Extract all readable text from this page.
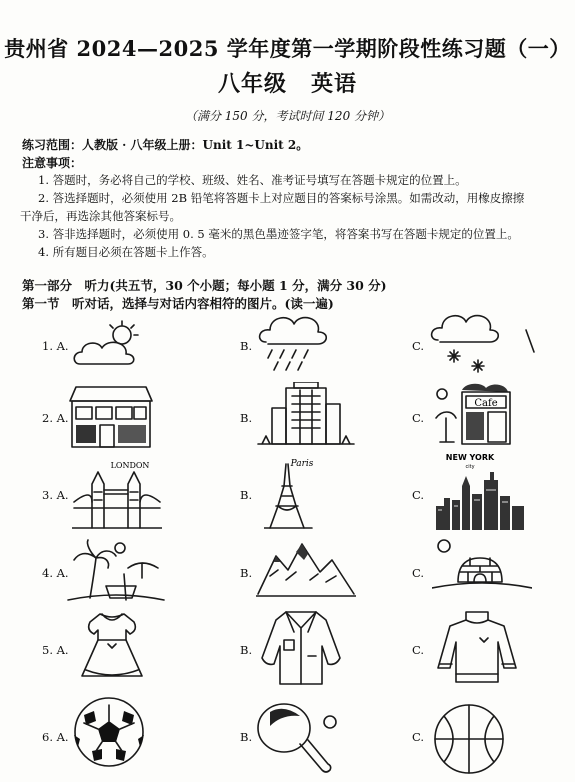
贵州省 2024—2025 学年度第一学期阶段性练习题（一）
八年级 英语
（满分 150 分，考试时间 120 分钟）
练习范围：人教版 · 八年级上册：Unit 1~Unit 2。
注意事项：
1. 答题时，务必将自己的学校、班级、姓名、准考证号填写在答题卡规定的位置上。
2. 答选择题时，必须使用 2B 铅笔将答题卡上对应题目的答案标号涂黑。如需改动，用橡皮擦擦
干净后，再选涂其他答案标号。
3. 答非选择题时，必须使用 0. 5 毫米的黑色墨迹签字笔，将答案书写在答题卡规定的位置上。
4. 所有题目必须在答题卡上作答。
第一部分　听力(共五节，30 个小题；每小题 1 分，满分 30 分)
第一节　听对话，选择与对话内容相符的图片。(读一遍)
1. A.	B.	C.
2. A.	B.	C.
Cafe
3. A.
LONDON
B.
Paris
C.
NEW YORK
city
4. A.	B.	C.
5. A.	B.	C.
6. A.	B.	C.
